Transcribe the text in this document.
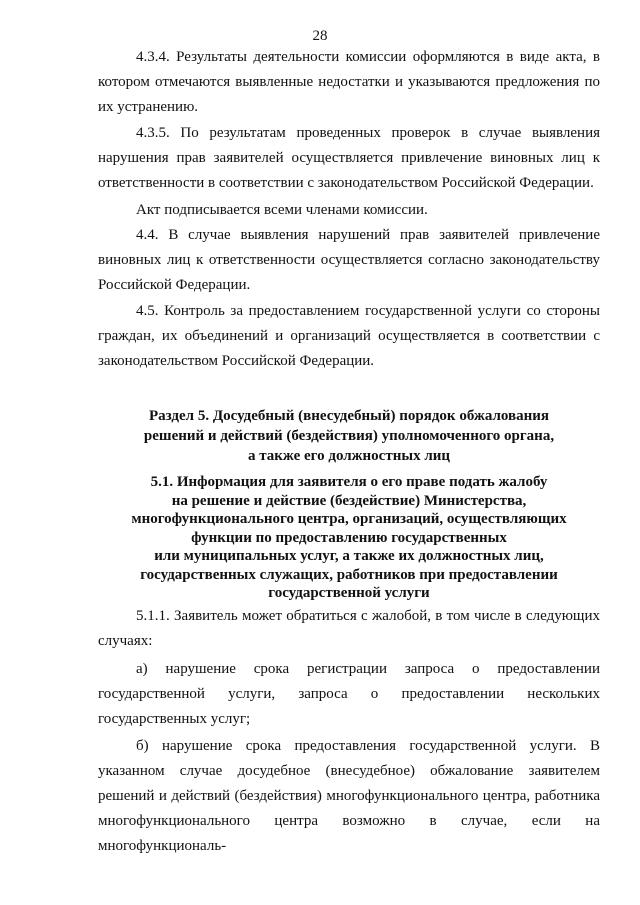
28
4.3.4. Результаты деятельности комиссии оформляются в виде акта, в котором отмечаются выявленные недостатки и указываются предложения по их устранению.
4.3.5. По результатам проведенных проверок в случае выявления нарушения прав заявителей осуществляется привлечение виновных лиц к ответственности в соответствии с законодательством Российской Федерации.
Акт подписывается всеми членами комиссии.
4.4. В случае выявления нарушений прав заявителей привлечение виновных лиц к ответственности осуществляется согласно законодательству Российской Федерации.
4.5. Контроль за предоставлением государственной услуги со стороны граждан, их объединений и организаций осуществляется в соответствии с законодательством Российской Федерации.
Раздел 5. Досудебный (внесудебный) порядок обжалования
решений и действий (бездействия) уполномоченного органа,
а также его должностных лиц
5.1. Информация для заявителя о его праве подать жалобу
на решение и действие (бездействие) Министерства,
многофункционального центра, организаций, осуществляющих
функции по предоставлению государственных
или муниципальных услуг, а также их должностных лиц,
государственных служащих, работников при предоставлении
государственной услуги
5.1.1. Заявитель может обратиться с жалобой, в том числе в следующих случаях:
а) нарушение срока регистрации запроса о предоставлении государственной услуги, запроса о предоставлении нескольких государственных услуг;
б) нарушение срока предоставления государственной услуги. В указанном случае досудебное (внесудебное) обжалование заявителем решений и действий (бездействия) многофункционального центра, работника многофункционального центра возможно в случае, если на многофункциональ-
